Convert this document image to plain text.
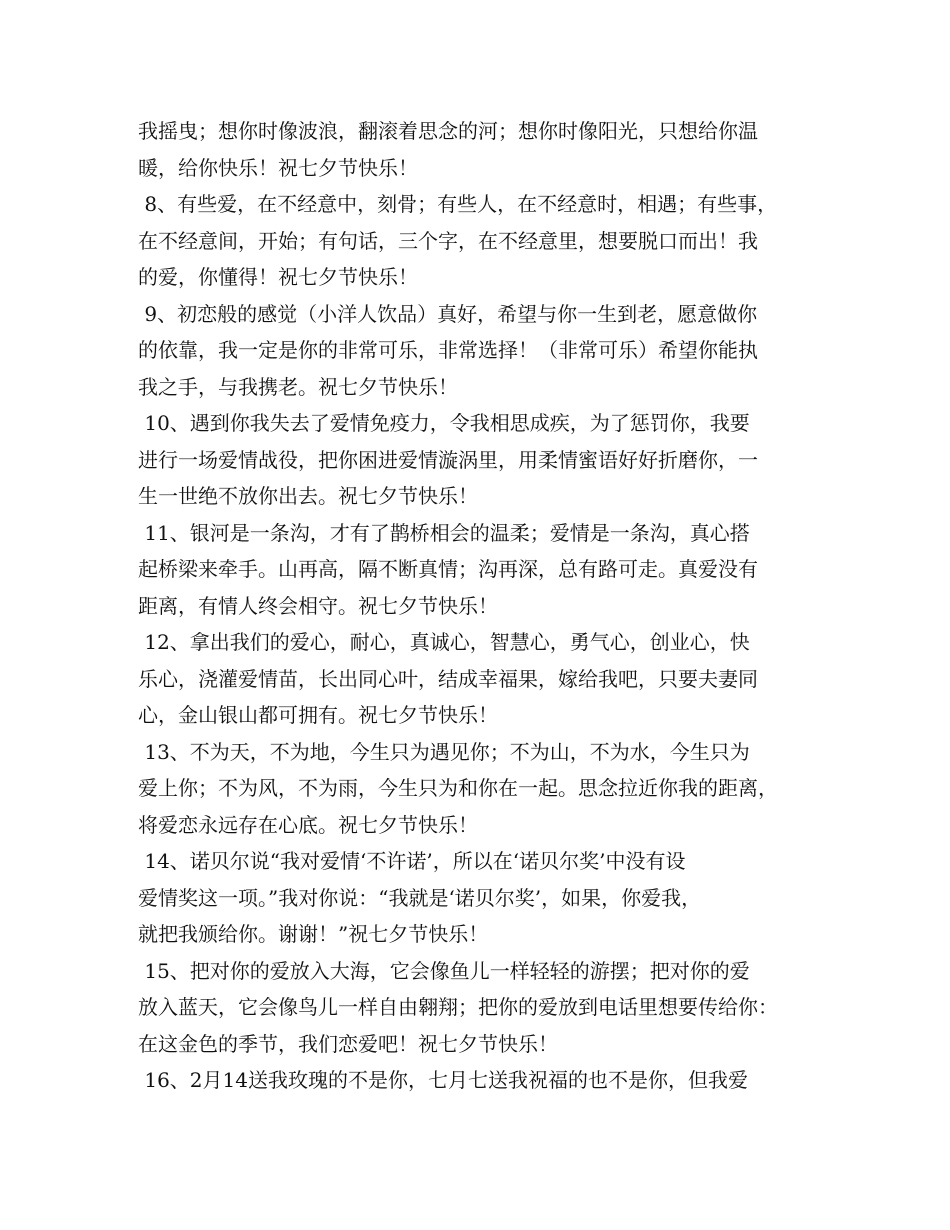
我摇曳；想你时像波浪，翻滚着思念的河；想你时像阳光，只想给你温
暖，给你快乐！祝七夕节快乐！
8、有些爱，在不经意中，刻骨；有些人，在不经意时，相遇；有些事，
在不经意间，开始；有句话，三个字，在不经意里，想要脱口而出！我
的爱，你懂得！祝七夕节快乐！
9、初恋般的感觉（小洋人饮品）真好，希望与你一生到老，愿意做你
的依靠，我一定是你的非常可乐，非常选择！（非常可乐）希望你能执
我之手，与我携老。祝七夕节快乐！
10、遇到你我失去了爱情免疫力，令我相思成疾，为了惩罚你，我要
进行一场爱情战役，把你困进爱情漩涡里，用柔情蜜语好好折磨你，一
生一世绝不放你出去。祝七夕节快乐！
11、银河是一条沟，才有了鹊桥相会的温柔；爱情是一条沟，真心搭
起桥梁来牵手。山再高，隔不断真情；沟再深，总有路可走。真爱没有
距离，有情人终会相守。祝七夕节快乐！
12、拿出我们的爱心，耐心，真诚心，智慧心，勇气心，创业心，快
乐心，浇灌爱情苗，长出同心叶，结成幸福果，嫁给我吧，只要夫妻同
心，金山银山都可拥有。祝七夕节快乐！
13、不为天，不为地，今生只为遇见你；不为山，不为水，今生只为
爱上你；不为风，不为雨，今生只为和你在一起。思念拉近你我的距离，
将爱恋永远存在心底。祝七夕节快乐！
14、诺贝尔说“我对爱情‘不许诺’，所以在‘诺贝尔奖’中没有设
爱情奖这一项。”我对你说：“我就是‘诺贝尔奖’，如果，你爱我，
就把我颁给你。谢谢！”祝七夕节快乐！
15、把对你的爱放入大海，它会像鱼儿一样轻轻的游摆；把对你的爱
放入蓝天，它会像鸟儿一样自由翱翔；把你的爱放到电话里想要传给你：
在这金色的季节，我们恋爱吧！祝七夕节快乐！
16、2月14送我玫瑰的不是你，七月七送我祝福的也不是你，但我爱
